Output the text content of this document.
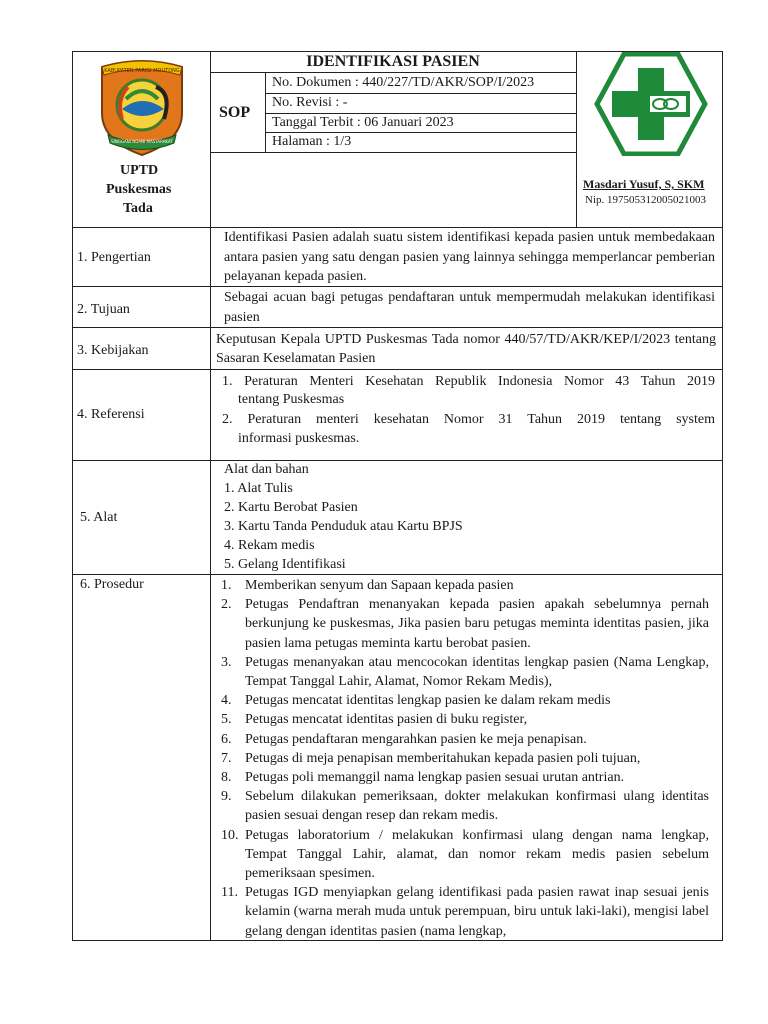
KABUPATEN PARIGI MOUTONG
SINGGANI NGANI MASYARAKAT
UPTD
Puskesmas
Tada
IDENTIFIKASI PASIEN
SOP
No. Dokumen : 440/227/TD/AKR/SOP/I/2023
No. Revisi : -
Tanggal Terbit : 06 Januari 2023
Halaman : 1/3
Masdari Yusuf, S, SKM
Nip. 197505312005021003
1. Pengertian
Identifikasi Pasien adalah suatu sistem identifikasi kepada pasien untuk membedakaan antara pasien yang satu dengan pasien yang lainnya sehingga memperlancar pemberian pelayanan kepada pasien.
2. Tujuan
Sebagai acuan bagi petugas pendaftaran untuk mempermudah melakukan identifikasi pasien
3. Kebijakan
Keputusan Kepala UPTD Puskesmas Tada nomor 440/57/TD/AKR/KEP/I/2023 tentang Sasaran Keselamatan Pasien
4. Referensi
1. Peraturan Menteri Kesehatan Republik Indonesia Nomor 43 Tahun 2019
tentang Puskesmas
2. Peraturan menteri kesehatan Nomor 31 Tahun 2019 tentang system
informasi puskesmas.
5. Alat
Alat dan bahan
1. Alat Tulis
2. Kartu Berobat Pasien
3. Kartu Tanda Penduduk atau Kartu BPJS
4. Rekam medis
5. Gelang Identifikasi
6. Prosedur	1. Memberikan senyum dan Sapaan kepada pasien
2. Petugas Pendaftran menanyakan kepada pasien apakah sebelumnya pernah berkunjung ke puskesmas, Jika pasien baru petugas meminta identitas pasien, jika pasien lama petugas meminta kartu berobat pasien.
3. Petugas menanyakan atau mencocokan identitas lengkap pasien (Nama Lengkap, Tempat Tanggal Lahir, Alamat, Nomor Rekam Medis),
4. Petugas mencatat identitas lengkap pasien ke dalam rekam medis
5. Petugas mencatat identitas pasien di buku register,
6. Petugas pendaftaran mengarahkan pasien ke meja penapisan.
7. Petugas di meja penapisan memberitahukan kepada pasien poli tujuan,
8. Petugas poli memanggil nama lengkap pasien sesuai urutan antrian.
9. Sebelum dilakukan pemeriksaan, dokter melakukan konfirmasi ulang identitas pasien sesuai dengan resep dan rekam medis.
10. Petugas laboratorium / melakukan konfirmasi ulang dengan nama lengkap, Tempat Tanggal Lahir, alamat, dan nomor rekam medis pasien sebelum pemeriksaan spesimen.
11. Petugas IGD menyiapkan gelang identifikasi pada pasien rawat inap sesuai jenis kelamin (warna merah muda untuk perempuan, biru untuk laki-laki), mengisi label gelang dengan identitas pasien (nama lengkap,
